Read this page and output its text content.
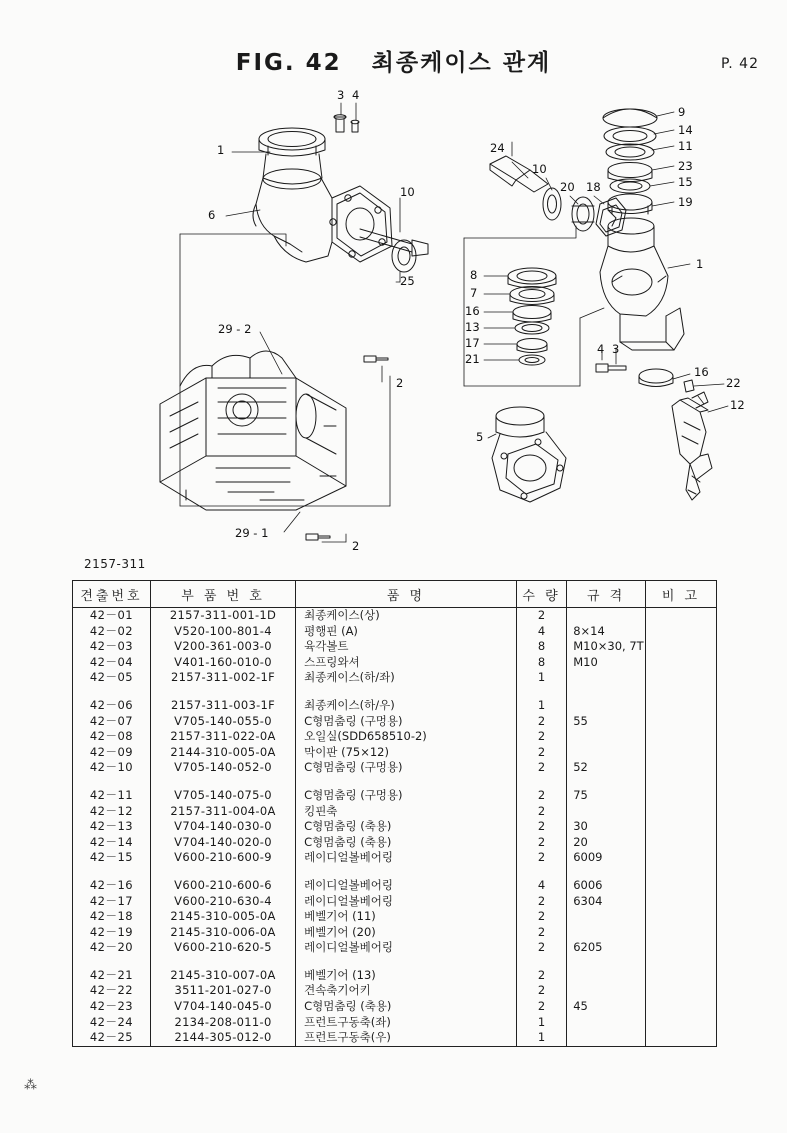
FIG. 42   최종케이스 관계	P. 42
3 4
1
6
10
25
29 - 2
2
29 - 1
2
24
10
20 18
9
14
11
23
15
19
1
8
7
16
13
17
21
4 3
16
22
12
5
2157-311
견출번호	부 품 번 호	품 명	수 량	규 격	비 고
42－01	2157-311-001-1D	최종케이스(상)	2		
42－02	V520-100-801-4	평행핀 (A)	4	8×14	
42－03	V200-361-003-0	육각볼트	8	M10×30, 7T	
42－04	V401-160-010-0	스프링와셔	8	M10	
42－05	2157-311-002-1F	최종케이스(하/좌)	1		

42－06	2157-311-003-1F	최종케이스(하/우)	1		
42－07	V705-140-055-0	C형멈춤링 (구멍용)	2	55	
42－08	2157-311-022-0A	오일실(SDD658510-2)	2		
42－09	2144-310-005-0A	막이판 (75×12)	2		
42－10	V705-140-052-0	C형멈춤링 (구멍용)	2	52	

42－11	V705-140-075-0	C형멈춤링 (구멍용)	2	75	
42－12	2157-311-004-0A	킹핀축	2		
42－13	V704-140-030-0	C형멈춤링 (축용)	2	30	
42－14	V704-140-020-0	C형멈춤링 (축용)	2	20	
42－15	V600-210-600-9	레이디얼볼베어링	2	6009	

42－16	V600-210-600-6	레이디얼볼베어링	4	6006	
42－17	V600-210-630-4	레이디얼볼베어링	2	6304	
42－18	2145-310-005-0A	베벨기어 (11)	2		
42－19	2145-310-006-0A	베벨기어 (20)	2		
42－20	V600-210-620-5	레이디얼볼베어링	2	6205	

42－21	2145-310-007-0A	베벨기어 (13)	2		
42－22	3511-201-027-0	견속축기어키	2		
42－23	V704-140-045-0	C형멈춤링 (축용)	2	45	
42－24	2134-208-011-0	프런트구동축(좌)	1		
42－25	2144-305-012-0	프런트구동축(우)	1		
⁂
